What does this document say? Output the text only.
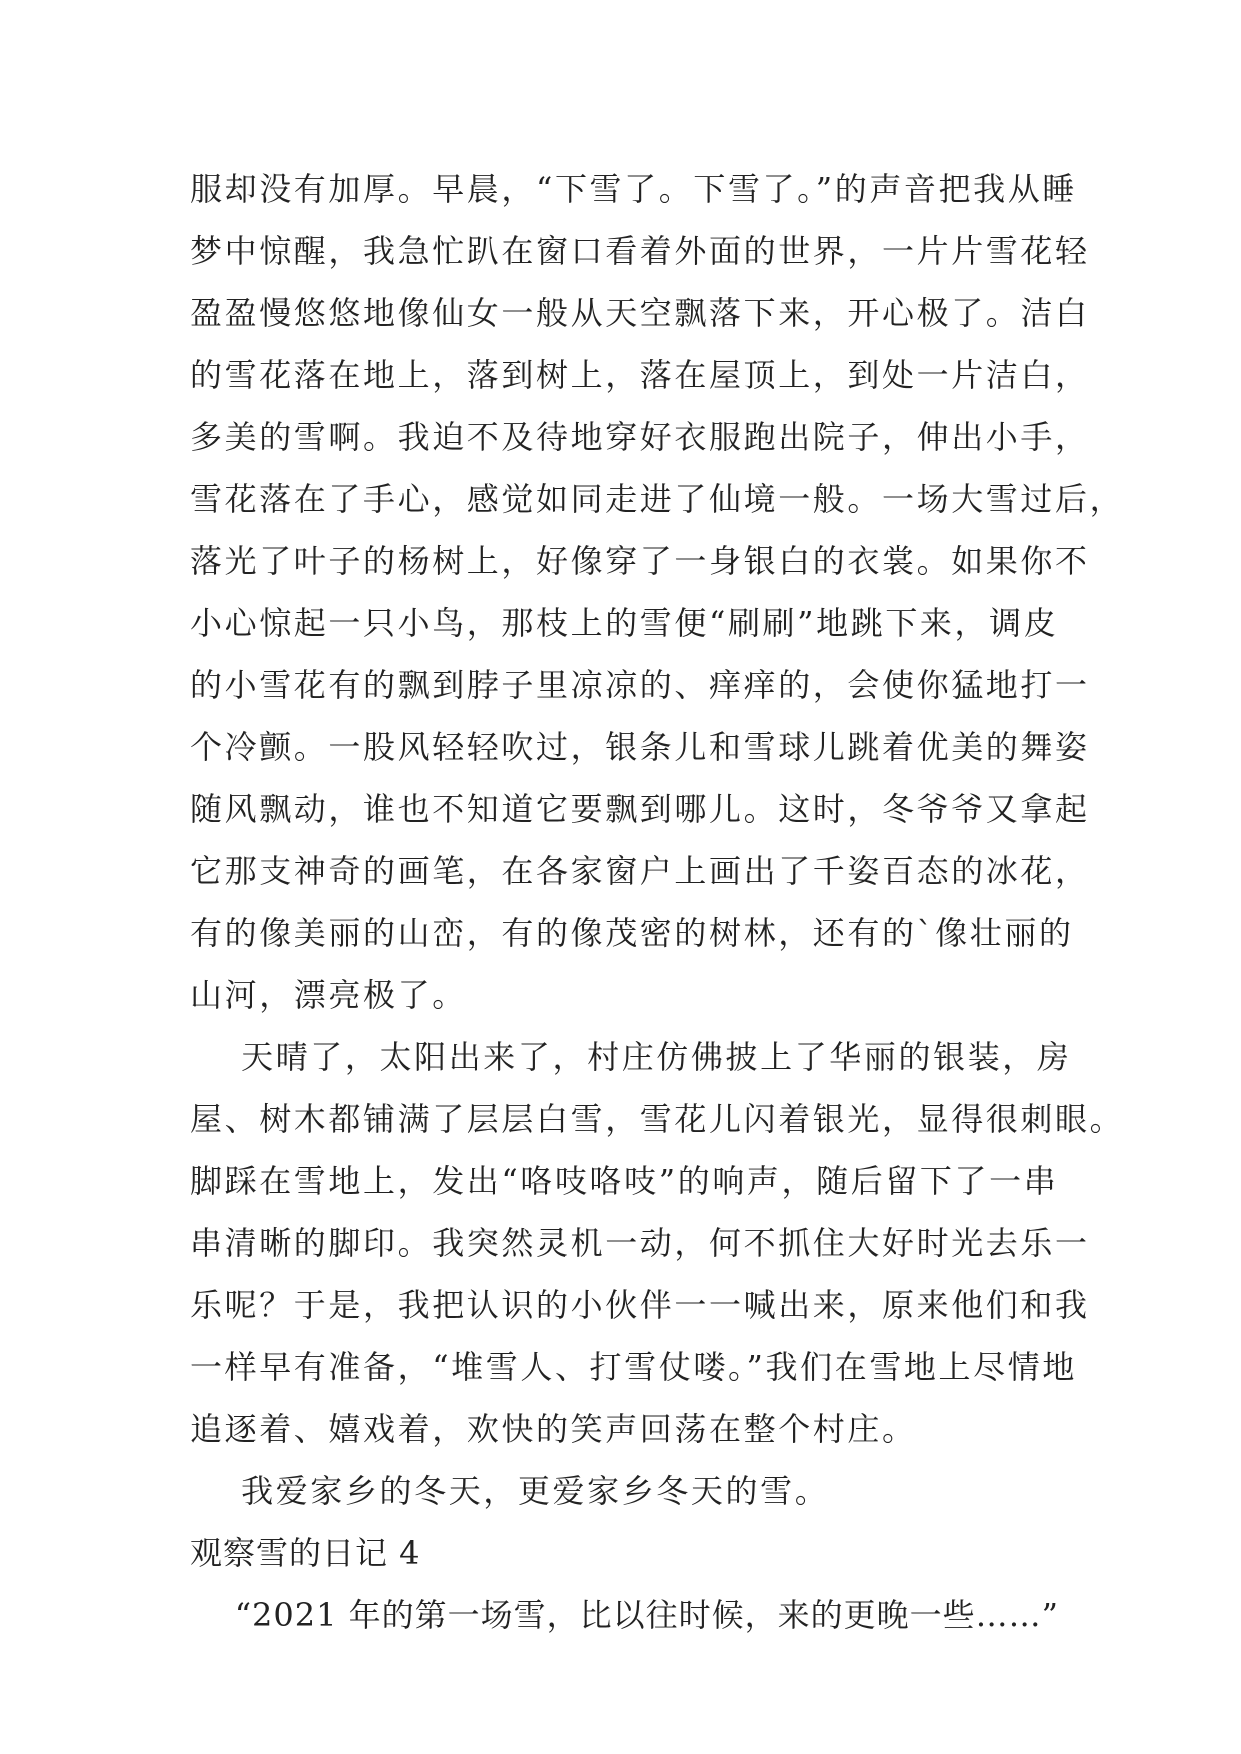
服却没有加厚。早晨，“下雪了。下雪了。”的声音把我从睡
梦中惊醒，我急忙趴在窗口看着外面的世界，一片片雪花轻
盈盈慢悠悠地像仙女一般从天空飘落下来，开心极了。洁白
的雪花落在地上，落到树上，落在屋顶上，到处一片洁白，
多美的雪啊。我迫不及待地穿好衣服跑出院子，伸出小手，
雪花落在了手心，感觉如同走进了仙境一般。一场大雪过后，
落光了叶子的杨树上，好像穿了一身银白的衣裳。如果你不
小心惊起一只小鸟，那枝上的雪便“刷刷”地跳下来，调皮
的小雪花有的飘到脖子里凉凉的、痒痒的，会使你猛地打一
个冷颤。一股风轻轻吹过，银条儿和雪球儿跳着优美的舞姿
随风飘动，谁也不知道它要飘到哪儿。这时，冬爷爷又拿起
它那支神奇的画笔，在各家窗户上画出了千姿百态的冰花，
有的像美丽的山峦，有的像茂密的树林，还有的`像壮丽的
山河，漂亮极了。
天晴了，太阳出来了，村庄仿佛披上了华丽的银装，房
屋、树木都铺满了层层白雪，雪花儿闪着银光，显得很刺眼。
脚踩在雪地上，发出“咯吱咯吱”的响声，随后留下了一串
串清晰的脚印。我突然灵机一动，何不抓住大好时光去乐一
乐呢？于是，我把认识的小伙伴一一喊出来，原来他们和我
一样早有准备，“堆雪人、打雪仗喽。”我们在雪地上尽情地
追逐着、嬉戏着，欢快的笑声回荡在整个村庄。
我爱家乡的冬天，更爱家乡冬天的雪。
观察雪的日记 4
“2021 年的第一场雪，比以往时候，来的更晚一些……”
